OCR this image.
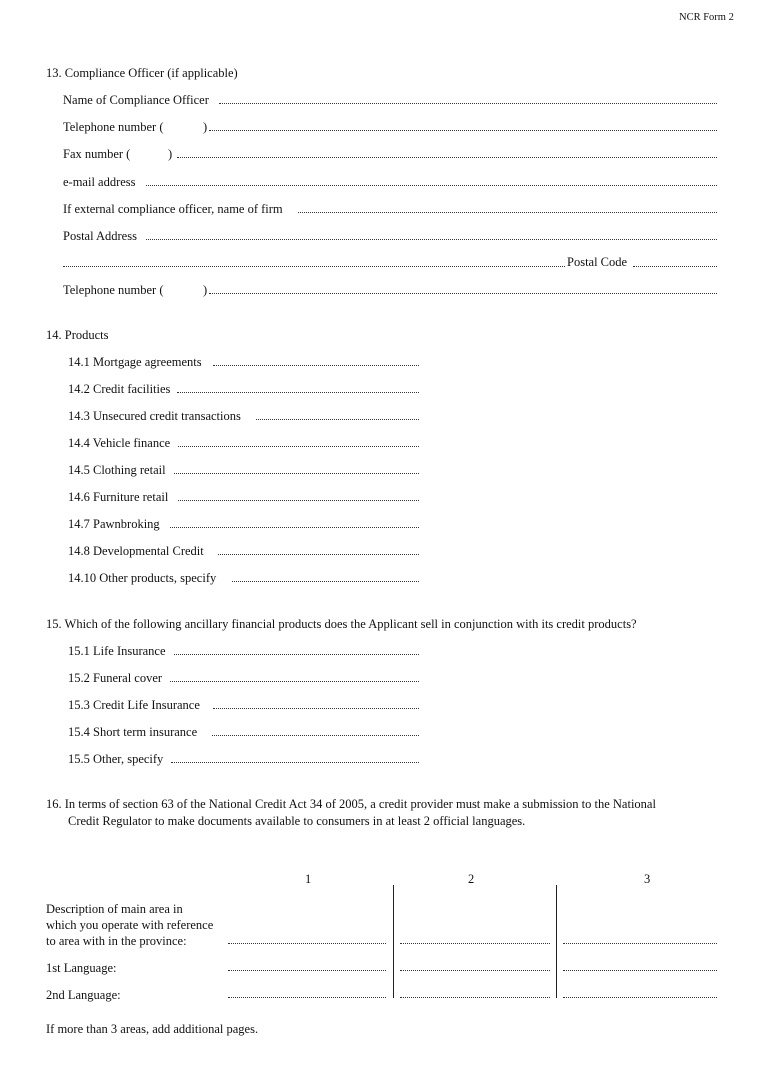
NCR Form 2
13. Compliance Officer (if applicable)
Name of Compliance Officer
Telephone number (	)
Fax number (	)
e-mail address
If external compliance officer, name of firm
Postal Address
Postal Code
Telephone number (	)
14. Products
14.1 Mortgage agreements
14.2 Credit facilities
14.3 Unsecured credit transactions
14.4 Vehicle finance
14.5 Clothing retail
14.6 Furniture retail
14.7 Pawnbroking
14.8 Developmental Credit
14.10 Other products, specify
15. Which of the following ancillary financial products does the Applicant sell in conjunction with its credit products?
15.1 Life Insurance
15.2 Funeral cover
15.3 Credit Life Insurance
15.4 Short term insurance
15.5 Other, specify
16. In terms of section 63 of the National Credit Act 34 of 2005, a credit provider must make a submission to the National
Credit Regulator to make documents available to consumers in at least 2 official languages.
1	2	3
Description of main area in
which you operate with reference
to area with in the province:
1st Language:
2nd Language:
If more than 3 areas, add additional pages.
